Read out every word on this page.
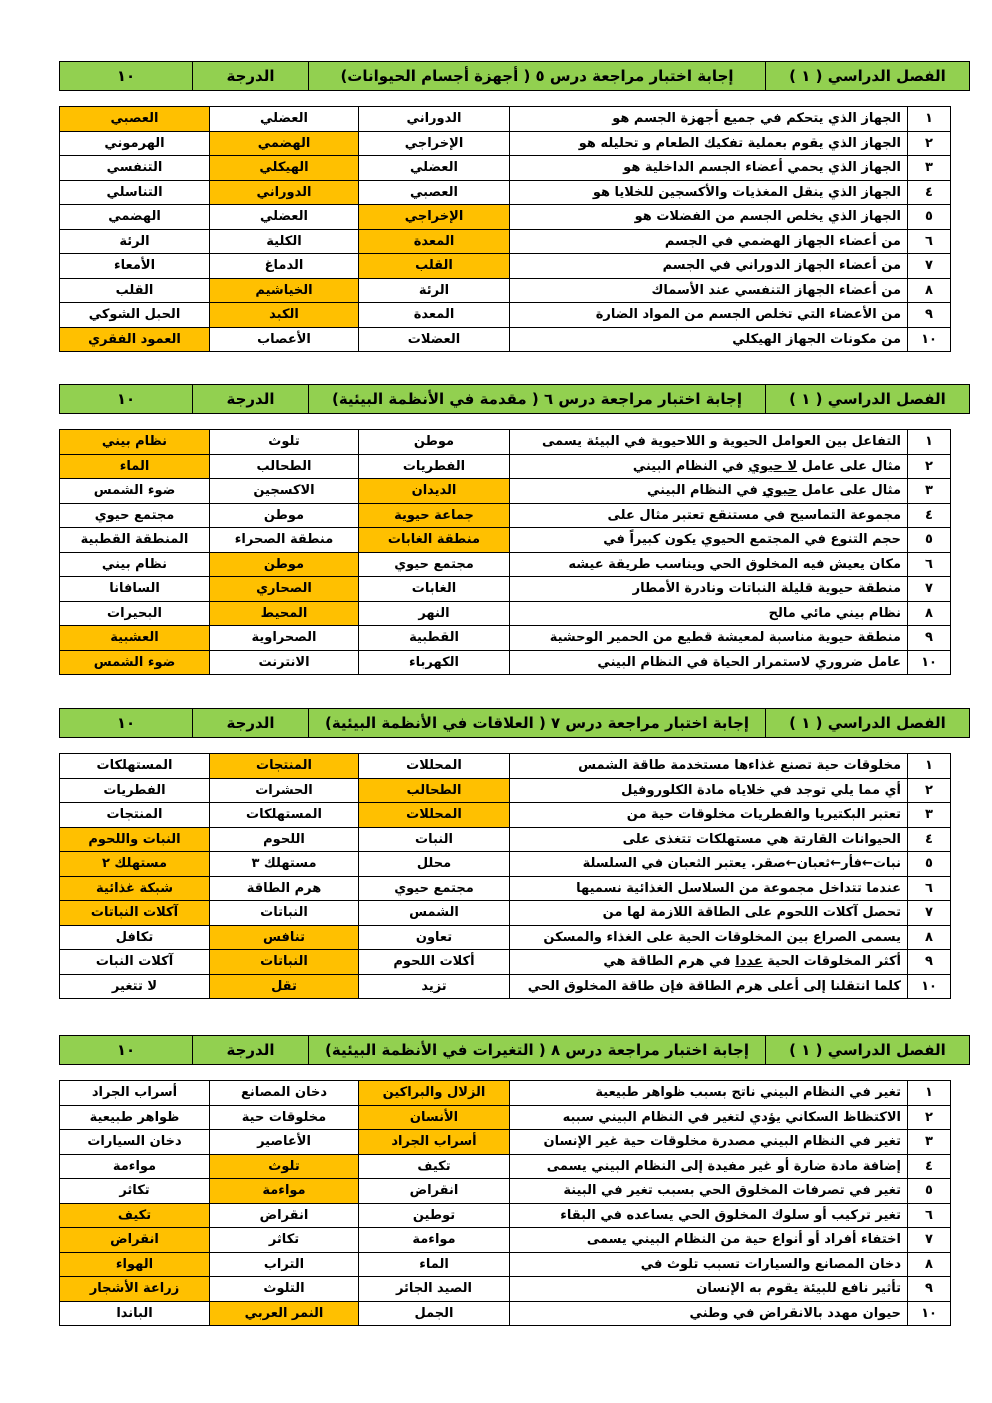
الفصل الدراسي ( ١ )	إجابة اختبار مراجعة درس ٥ ( أجهزة أجسام الحيوانات)	الدرجة	١٠
١	الجهاز الذي يتحكم في جميع أجهزة الجسم هو	الدوراني	العضلي	العصبي
٢	الجهاز الذي يقوم بعملية تفكيك الطعام و تحليله هو	الإخراجي	الهضمي	الهرموني
٣	الجهاز الذي يحمي أعضاء الجسم الداخلية هو	العضلي	الهيكلي	التنفسي
٤	الجهاز الذي ينقل المغذيات والأكسجين للخلايا هو	العصبي	الدوراني	التناسلي
٥	الجهاز الذي يخلص الجسم من الفضلات هو	الإخراجي	العضلي	الهضمي
٦	من أعضاء الجهاز الهضمي في الجسم	المعدة	الكلية	الرئة
٧	من أعضاء الجهاز الدوراني في الجسم	القلب	الدماغ	الأمعاء
٨	من أعضاء الجهاز التنفسي عند الأسماك	الرئة	الخياشيم	القلب
٩	من الأعضاء التي تخلص الجسم من المواد الضارة	المعدة	الكبد	الحبل الشوكي
١٠	من مكونات الجهاز الهيكلي	العضلات	الأعصاب	العمود الفقري
الفصل الدراسي ( ١ )	إجابة اختبار مراجعة درس ٦ ( مقدمة في الأنظمة البيئية)	الدرجة	١٠
١	التفاعل بين العوامل الحيوية و اللاحيوية في البيئة يسمى	موطن	تلوث	نظام بيني
٢	مثال على عامل لا حيوي في النظام البيني	الفطريات	الطحالب	الماء
٣	مثال على عامل حيوي في النظام البيني	الديدان	الاكسجين	ضوء الشمس
٤	مجموعة التماسيح في مستنقع تعتبر مثال على	جماعة حيوية	موطن	مجتمع حيوي
٥	حجم التنوع في المجتمع الحيوي يكون كبيراً في	منطقة الغابات	منطقة الصحراء	المنطقة القطبية
٦	مكان يعيش فيه المخلوق الحي ويناسب طريقة عيشه	مجتمع حيوي	موطن	نظام بيني
٧	منطقة حيوية قليلة النباتات ونادرة الأمطار	الغابات	الصحاري	السافانا
٨	نظام بيني مائي مالح	النهر	المحيط	البحيرات
٩	منطقة حيوية مناسبة لمعيشة قطيع من الحمير الوحشية	القطبية	الصحراوية	العشبية
١٠	عامل ضروري لاستمرار الحياة في النظام البيني	الكهرباء	الانترنت	ضوء الشمس
الفصل الدراسي ( ١ )	إجابة اختبار مراجعة درس ٧ ( العلاقات في الأنظمة البيئية)	الدرجة	١٠
١	مخلوقات حية تصنع غذاءها مستخدمة طاقة الشمس	المحللات	المنتجات	المستهلكات
٢	أي مما يلي توجد في خلاياه مادة الكلوروفيل	الطحالب	الحشرات	الفطريات
٣	تعتبر البكتيريا والفطريات مخلوقات حية من	المحللات	المستهلكات	المنتجات
٤	الحيوانات القارتة هي مستهلكات تتغذى على	النبات	اللحوم	النبات واللحوم
٥	نبات←فأر←ثعبان←صقر. يعتبر الثعبان في السلسلة	محلل	مستهلك ٣	مستهلك ٢
٦	عندما تتداخل مجموعة من السلاسل الغذائية نسميها	مجتمع حيوي	هرم الطاقة	شبكة غذائية
٧	تحصل آكلات اللحوم على الطاقة اللازمة لها من	الشمس	النباتات	آكلات النباتات
٨	يسمى الصراع بين المخلوقات الحية على الغذاء والمسكن	تعاون	تنافس	تكافل
٩	أكثر المخلوقات الحية عددا في هرم الطاقة هي	أكلات اللحوم	النباتات	آكلات النبات
١٠	كلما انتقلنا إلى أعلى هرم الطاقة فإن طاقة المخلوق الحي	تزيد	تقل	لا تتغير
الفصل الدراسي ( ١ )	إجابة اختبار مراجعة درس ٨ ( التغيرات في الأنظمة البيئية)	الدرجة	١٠
١	تغير في النظام البيني ناتج بسبب ظواهر طبيعية	الزلال والبراكين	دخان المصانع	أسراب الجراد
٢	الاكتظاظ السكاني يؤدي لتغير في النظام البيني سببه	الأنسان	مخلوقات حية	ظواهر طبيعية
٣	تغير في النظام البيني مصدرة مخلوقات حية غير الإنسان	أسراب الجراد	الأعاصير	دخان السيارات
٤	إضافة مادة ضارة أو غير مفيدة إلى النظام البيني يسمى	تكيف	تلوث	مواءمة
٥	تغير في تصرفات المخلوق الحي بسبب تغير في البينة	انقراض	مواءمة	تكاثر
٦	تغير تركيب أو سلوك المخلوق الحي يساعده في البقاء	توطين	انقراض	تكيف
٧	اختفاء أفراد أو أنواع حية من النظام البيني يسمى	مواءمة	تكاثر	انقراض
٨	دخان المصانع والسيارات تسبب تلوث في	الماء	التراب	الهواء
٩	تأثير نافع للبيئة يقوم به الإنسان	الصيد الجائر	التلوث	زراعة الأشجار
١٠	حيوان مهدد بالانقراض في وطني	الجمل	النمر العربي	الباندا
